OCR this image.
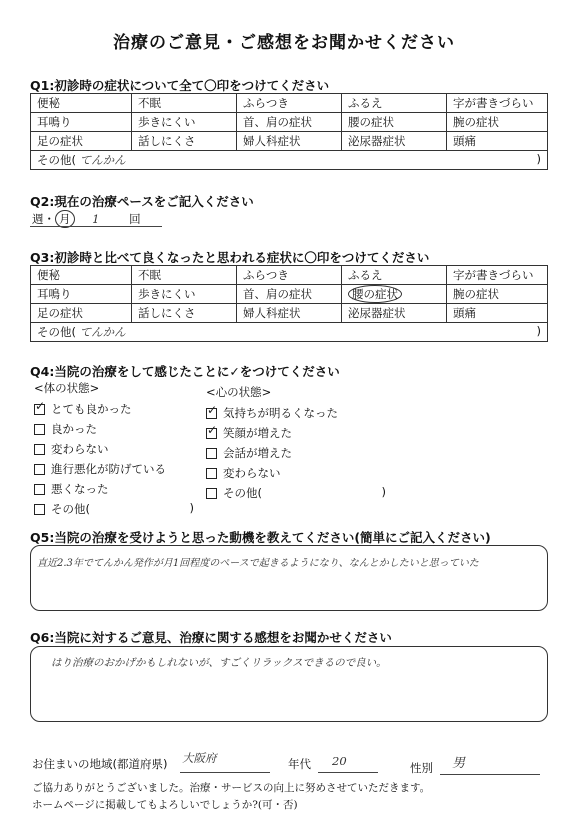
治療のご意見・ご感想をお聞かせください
Q1:初診時の症状について全て〇印をつけてください
便秘	不眠	ふらつき	ふるえ	字が書きづらい
耳鳴り	歩きにくい	首、肩の症状	腰の症状	腕の症状
足の症状	話しにくさ	婦人科症状	泌尿器症状	頭痛
その他( てんかん )				
Q2:現在の治療ペースをご記入ください
週・ 月 1	回
Q3:初診時と比べて良くなったと思われる症状に〇印をつけてください
便秘	不眠	ふらつき	ふるえ	字が書きづらい
耳鳴り	歩きにくい	首、肩の症状	腰の症状	腕の症状
足の症状	話しにくさ	婦人科症状	泌尿器症状	頭痛
その他( てんかん )				
Q4:当院の治療をして感じたことに✓をつけてください
<体の状態>	<心の状態>
✓とても良かった
良かった
変わらない
進行悪化が防げている
悪くなった
その他(	)
✓気持ちが明るくなった
✓笑顔が増えた
会話が増えた
変わらない
その他(	)
Q5:当院の治療を受けようと思った動機を教えてください(簡単にご記入ください)
直近2.3年でてんかん発作が月1回程度のペースで起きるようになり、なんとかしたいと思っていた
Q6:当院に対するご意見、治療に関する感想をお聞かせください
はり治療のおかげかもしれないが、すごくリラックスできるので良い。
お住まいの地域(都道府県) 大阪府	年代 20	性別 男
ご協力ありがとうございました。治療・サービスの向上に努めさせていただきます。
ホームページに掲載してもよろしいでしょうか?(可・否)
